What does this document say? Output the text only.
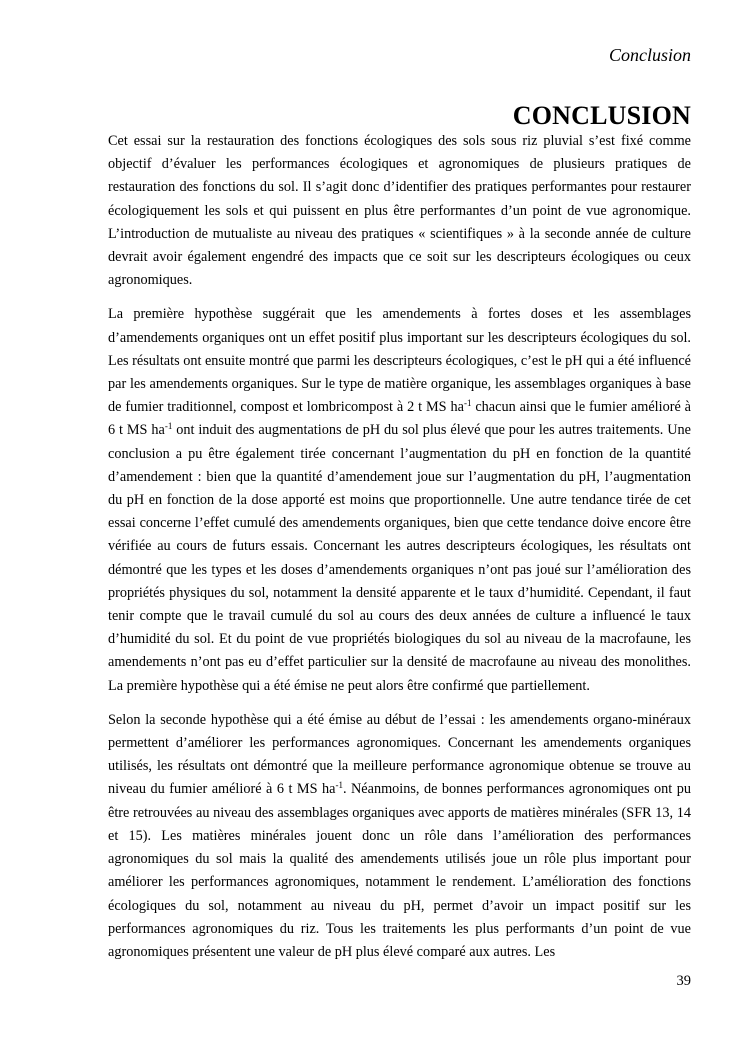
Conclusion
CONCLUSION

Cet essai sur la restauration des fonctions écologiques des sols sous riz pluvial s’est fixé comme objectif d’évaluer les performances écologiques et agronomiques de plusieurs pratiques de restauration des fonctions du sol. Il s’agit donc d’identifier des pratiques performantes pour restaurer écologiquement les sols et qui puissent en plus être performantes d’un point de vue agronomique. L’introduction de mutualiste au niveau des pratiques « scientifiques » à la seconde année de culture devrait avoir également engendré des impacts que ce soit sur les descripteurs écologiques ou ceux agronomiques.

La première hypothèse suggérait que les amendements à fortes doses et les assemblages d’amendements organiques ont un effet positif plus important sur les descripteurs écologiques du sol. Les résultats ont ensuite montré que parmi les descripteurs écologiques, c’est le pH qui a été influencé par les amendements organiques. Sur le type de matière organique, les assemblages organiques à base de fumier traditionnel, compost et lombricompost à 2 t MS $ha^{-1}$ chacun ainsi que le fumier amélioré à 6 t MS $ha^{-1}$ ont induit des augmentations de pH du sol plus élevé que pour les autres traitements. Une conclusion a pu être également tirée concernant l’augmentation du pH en fonction de la quantité d’amendement : bien que la quantité d’amendement joue sur l’augmentation du pH, l’augmentation du pH en fonction de la dose apporté est moins que proportionnelle. Une autre tendance tirée de cet essai concerne l’effet cumulé des amendements organiques, bien que cette tendance doive encore être vérifiée au cours de futurs essais. Concernant les autres descripteurs écologiques, les résultats ont démontré que les types et les doses d’amendements organiques n’ont pas joué sur l’amélioration des propriétés physiques du sol, notamment la densité apparente et le taux d’humidité. Cependant, il faut tenir compte que le travail cumulé du sol au cours des deux années de culture a influencé le taux d’humidité du sol. Et du point de vue propriétés biologiques du sol au niveau de la macrofaune, les amendements n’ont pas eu d’effet particulier sur la densité de macrofaune au niveau des monolithes. La première hypothèse qui a été émise ne peut alors être confirmé que partiellement.

Selon la seconde hypothèse qui a été émise au début de l’essai : les amendements organo-minéraux permettent d’améliorer les performances agronomiques. Concernant les amendements organiques utilisés, les résultats ont démontré que la meilleure performance agronomique obtenue se trouve au niveau du fumier amélioré à 6 t MS $ha^{-1}$. Néanmoins, de bonnes performances agronomiques ont pu être retrouvées au niveau des assemblages organiques avec apports de matières minérales (SFR 13, 14 et 15). Les matières minérales jouent donc un rôle dans l’amélioration des performances agronomiques du sol mais la qualité des amendements utilisés joue un rôle plus important pour améliorer les performances agronomiques, notamment le rendement. L’amélioration des fonctions écologiques du sol, notamment au niveau du pH, permet d’avoir un impact positif sur les performances agronomiques du riz. Tous les traitements les plus performants d’un point de vue agronomiques présentent une valeur de pH plus élevé comparé aux autres. Les

39
